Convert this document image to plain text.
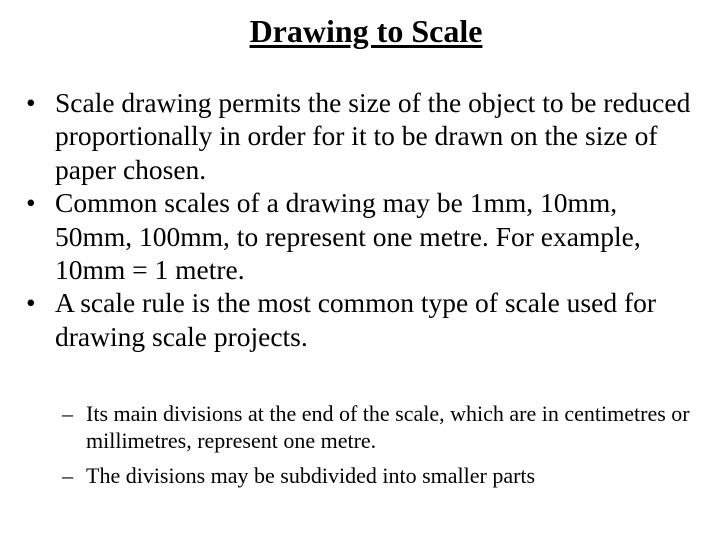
Drawing to Scale
• Scale drawing permits the size of the object to be reduced proportionally in order for it to be drawn on the size of paper chosen.
• Common scales of a drawing may be 1mm, 10mm, 50mm, 100mm, to represent one metre. For example, 10mm = 1 metre.
• A scale rule is the most common type of scale used for drawing scale projects.
– Its main divisions at the end of the scale, which are in centimetres or millimetres, represent one metre.
– The divisions may be subdivided into smaller parts
